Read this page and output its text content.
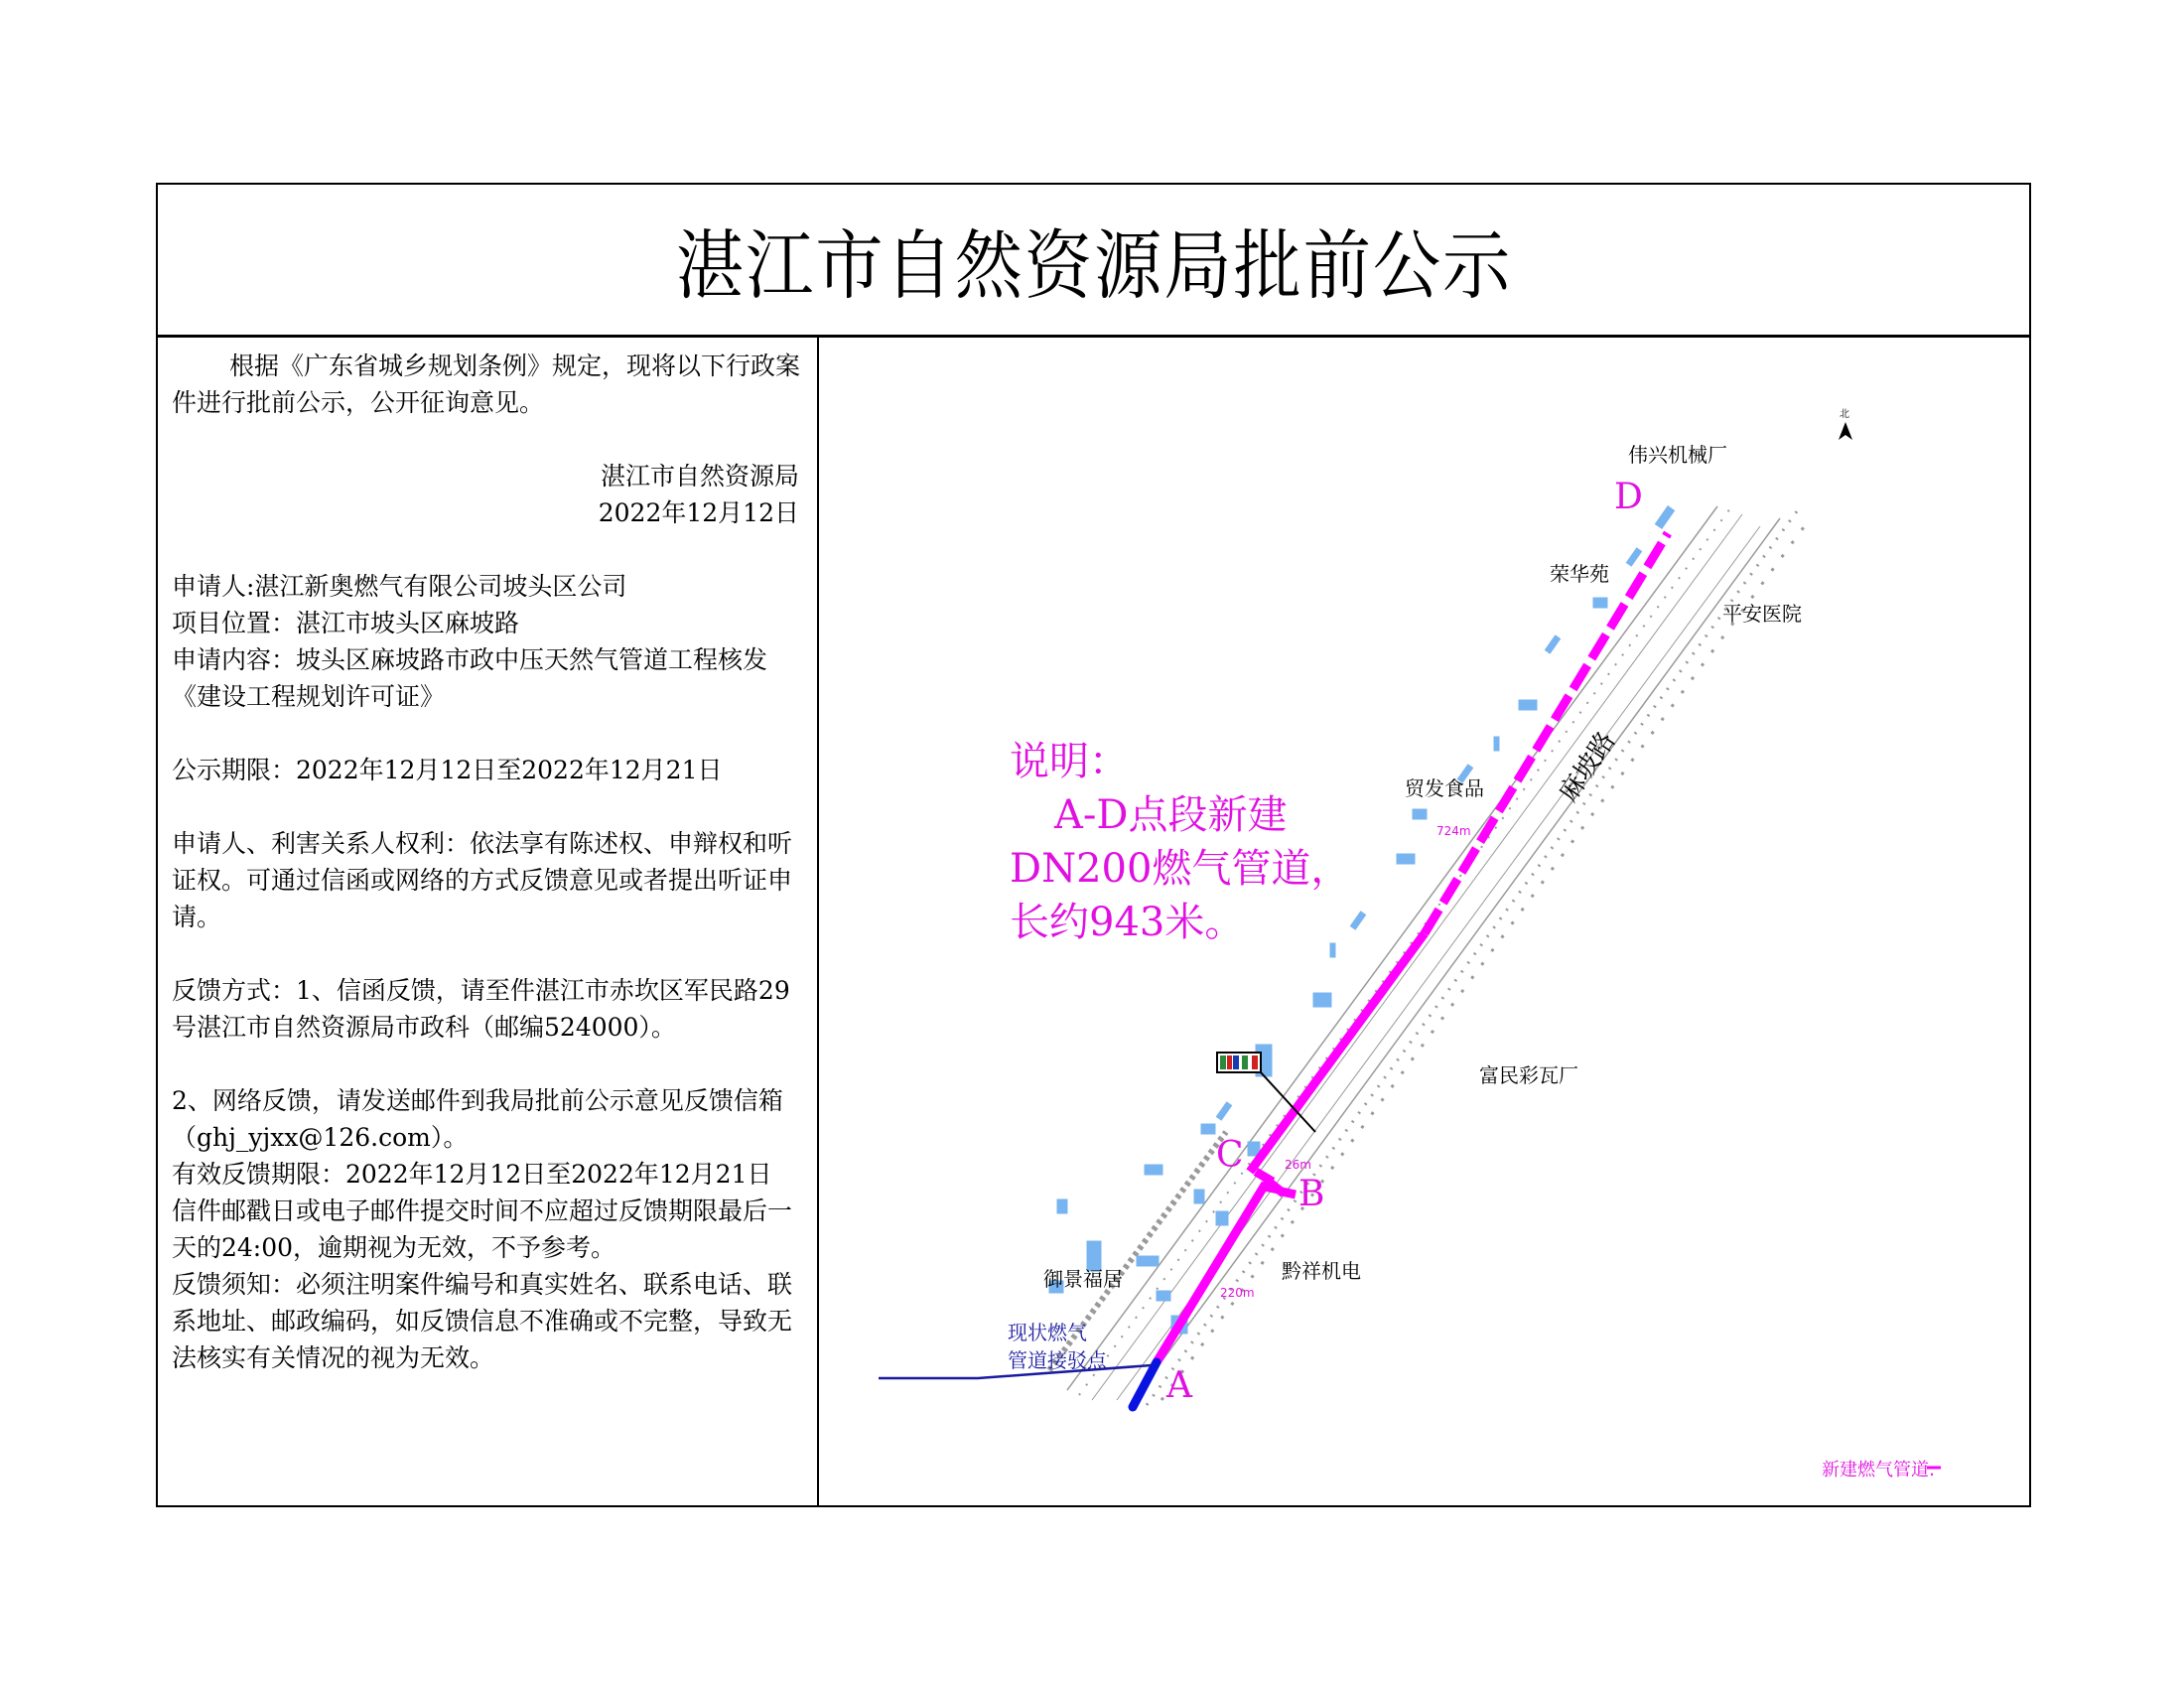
湛江市自然资源局批前公示

根据《广东省城乡规划条例》规定，现将以下行政案件进行批前公示，公开征询意见。

湛江市自然资源局

2022年12月12日

申请人:湛江新奥燃气有限公司坡头区公司

项目位置：湛江市坡头区麻坡路

申请内容：坡头区麻坡路市政中压天然气管道工程核发《建设工程规划许可证》

公示期限：2022年12月12日至2022年12月21日

申请人、利害关系人权利：依法享有陈述权、申辩权和听证权。可通过信函或网络的方式反馈意见或者提出听证申请。

反馈方式：1、信函反馈，请至件湛江市赤坎区军民路29号湛江市自然资源局市政科（邮编524000）。

2、网络反馈，请发送邮件到我局批前公示意见反馈信箱（ghj_yjxx@126.com）。

有效反馈期限：2022年12月12日至2022年12月21日

信件邮戳日或电子邮件提交时间不应超过反馈期限最后一天的24:00，逾期视为无效，不予参考。

反馈须知：必须注明案件编号和真实姓名、联系电话、联系地址、邮政编码，如反馈信息不准确或不完整，导致无法核实有关情况的视为无效。

北
伟兴机械厂
D
荣华苑
平安医院
贸发食品	麻坡路
724m
说明：
A-D点段新建
DN200燃气管道，
长约943米。
富民彩瓦厂
C	26m
B
黔祥机电
御景福居
220m
现状燃气
管道接驳点
A
新建燃气管道:
